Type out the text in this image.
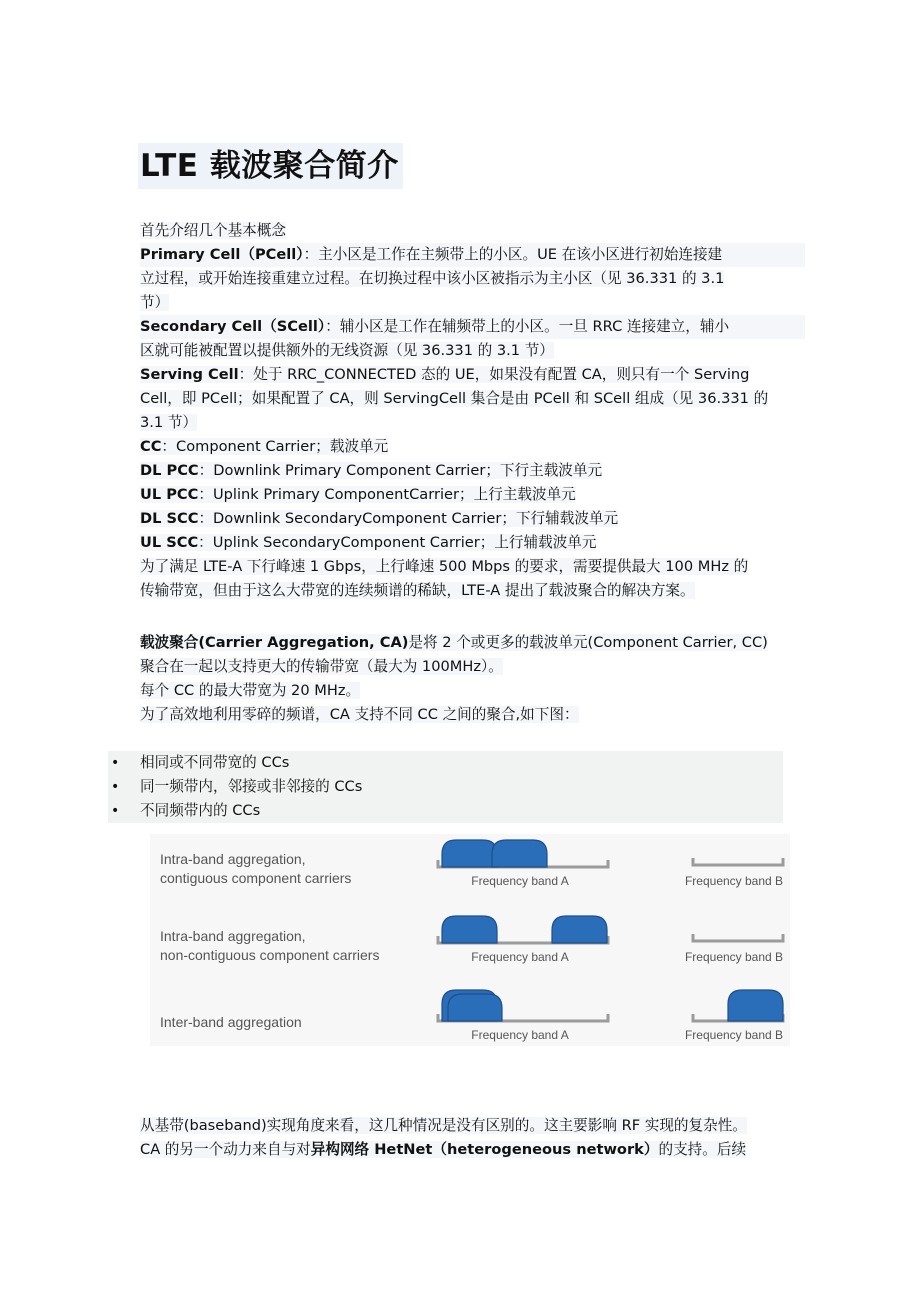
LTE 载波聚合简介
首先介绍几个基本概念
Primary Cell（PCell）：主小区是工作在主频带上的小区。UE 在该小区进行初始连接建
立过程，或开始连接重建立过程。在切换过程中该小区被指示为主小区（见 36.331 的 3.1
节）
Secondary Cell（SCell）：辅小区是工作在辅频带上的小区。一旦 RRC 连接建立，辅小
区就可能被配置以提供额外的无线资源（见 36.331 的 3.1 节）
Serving Cell：处于 RRC_CONNECTED 态的 UE，如果没有配置 CA，则只有一个 Serving
Cell，即 PCell；如果配置了 CA，则 ServingCell 集合是由 PCell 和 SCell 组成（见 36.331 的
3.1 节）
CC：Component Carrier；载波单元
DL PCC：Downlink Primary Component Carrier；下行主载波单元
UL PCC：Uplink Primary ComponentCarrier；上行主载波单元
DL SCC：Downlink SecondaryComponent Carrier；下行辅载波单元
UL SCC：Uplink SecondaryComponent Carrier；上行辅载波单元
为了满足 LTE-A 下行峰速 1 Gbps，上行峰速 500 Mbps 的要求，需要提供最大 100 MHz 的
传输带宽，但由于这么大带宽的连续频谱的稀缺，LTE-A 提出了载波聚合的解决方案。
载波聚合(Carrier Aggregation, CA)是将 2 个或更多的载波单元(Component Carrier, CC)
聚合在一起以支持更大的传输带宽（最大为 100MHz）。
每个 CC 的最大带宽为 20 MHz。
为了高效地利用零碎的频谱，CA 支持不同 CC 之间的聚合,如下图：
• 相同或不同带宽的 CCs
• 同一频带内，邻接或非邻接的 CCs
• 不同频带内的 CCs
Intra-band aggregation,
contiguous component carriers
Intra-band aggregation,
non-contiguous component carriers
Inter-band aggregation
Frequency band A	Frequency band B
Frequency band A	Frequency band B
Frequency band A	Frequency band B
从基带(baseband)实现角度来看，这几种情况是没有区别的。这主要影响 RF 实现的复杂性。
CA 的另一个动力来自与对异构网络 HetNet（heterogeneous network）的支持。后续
